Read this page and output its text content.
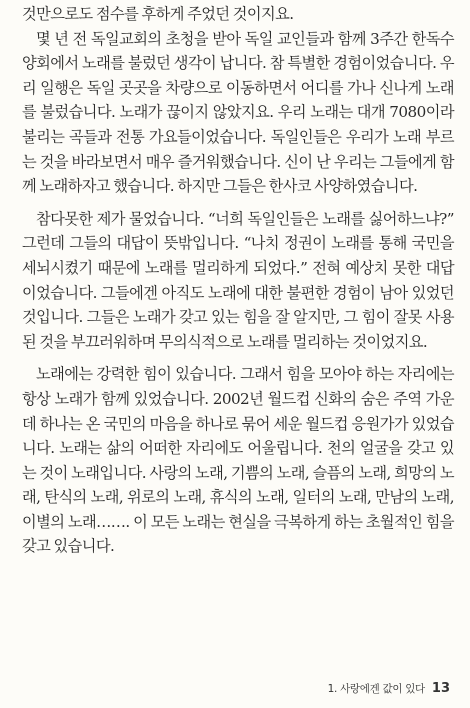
것만으로도 점수를 후하게 주었던 것이지요.

몇 년 전 독일교회의 초청을 받아 독일 교인들과 함께 3주간 한독수양회에서 노래를 불렀던 생각이 납니다. 참 특별한 경험이었습니다. 우리 일행은 독일 곳곳을 차량으로 이동하면서 어디를 가나 신나게 노래를 불렀습니다. 노래가 끊이지 않았지요. 우리 노래는 대개 7080이라 불리는 곡들과 전통 가요들이었습니다. 독일인들은 우리가 노래 부르는 것을 바라보면서 매우 즐거워했습니다. 신이 난 우리는 그들에게 함께 노래하자고 했습니다. 하지만 그들은 한사코 사양하였습니다.

참다못한 제가 물었습니다. “너희 독일인들은 노래를 싫어하느냐?” 그런데 그들의 대답이 뜻밖입니다. “나치 정권이 노래를 통해 국민을 세뇌시켰기 때문에 노래를 멀리하게 되었다.” 전혀 예상치 못한 대답이었습니다. 그들에겐 아직도 노래에 대한 불편한 경험이 남아 있었던 것입니다. 그들은 노래가 갖고 있는 힘을 잘 알지만, 그 힘이 잘못 사용된 것을 부끄러워하며 무의식적으로 노래를 멀리하는 것이었지요.

노래에는 강력한 힘이 있습니다. 그래서 힘을 모아야 하는 자리에는 항상 노래가 함께 있었습니다. 2002년 월드컵 신화의 숨은 주역 가운데 하나는 온 국민의 마음을 하나로 묶어 세운 월드컵 응원가가 있었습니다. 노래는 삶의 어떠한 자리에도 어울립니다. 천의 얼굴을 갖고 있는 것이 노래입니다. 사랑의 노래, 기쁨의 노래, 슬픔의 노래, 희망의 노래, 탄식의 노래, 위로의 노래, 휴식의 노래, 일터의 노래, 만남의 노래, 이별의 노래……. 이 모든 노래는 현실을 극복하게 하는 초월적인 힘을 갖고 있습니다.

1. 사랑에겐 값이 있다 13
